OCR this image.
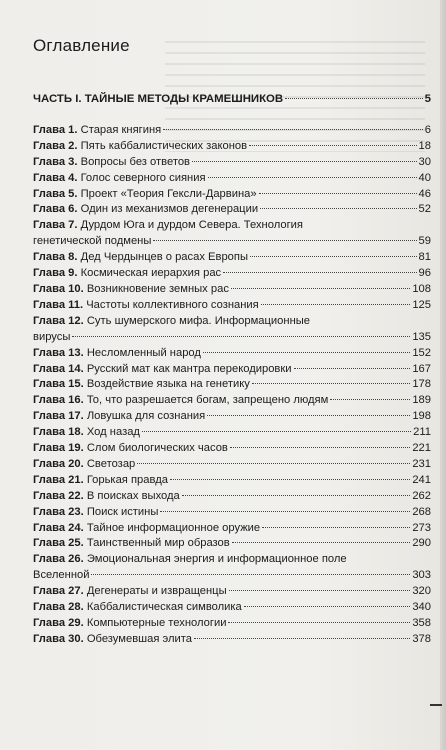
Оглавление
ЧАСТЬ I. ТАЙНЫЕ МЕТОДЫ КРАМЕШНИКОВ	5
Глава 1. Старая княгиня	6
Глава 2. Пять каббалистических законов	18
Глава 3. Вопросы без ответов	30
Глава 4. Голос северного сияния	40
Глава 5. Проект «Теория Гексли-Дарвина»	46
Глава 6. Один из механизмов дегенерации	52
Глава 7. Дурдом Юга и дурдом Севера. Технология
генетической подмены	59
Глава 8. Дед Чердынцев о расах Европы	81
Глава 9. Космическая иерархия рас	96
Глава 10. Возникновение земных рас	108
Глава 11. Частоты коллективного сознания	125
Глава 12. Суть шумерского мифа. Информационные
вирусы	135
Глава 13. Несломленный народ	152
Глава 14. Русский мат как мантра перекодировки	167
Глава 15. Воздействие языка на генетику	178
Глава 16. То, что разрешается богам, запрещено людям	189
Глава 17. Ловушка для сознания	198
Глава 18. Ход назад	211
Глава 19. Слом биологических часов	221
Глава 20. Светозар	231
Глава 21. Горькая правда	241
Глава 22. В поисках выхода	262
Глава 23. Поиск истины	268
Глава 24. Тайное информационное оружие	273
Глава 25. Таинственный мир образов	290
Глава 26. Эмоциональная энергия и информационное поле
Вселенной	303
Глава 27. Дегенераты и извращенцы	320
Глава 28. Каббалистическая символика	340
Глава 29. Компьютерные технологии	358
Глава 30. Обезумевшая элита	378
